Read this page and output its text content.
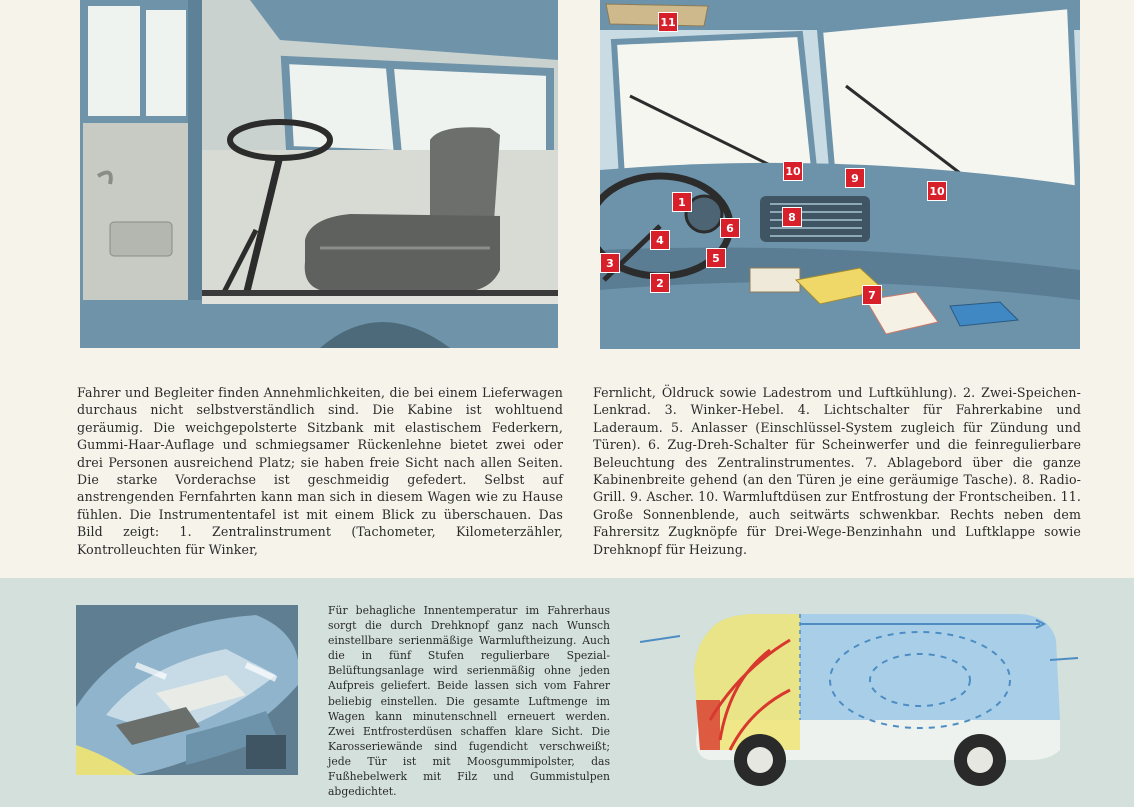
11
1
4
3
2
6
5
8
10
9
10
7
Fahrer und Begleiter finden Annehmlichkeiten, die bei einem Lieferwagen durchaus nicht selbstverständlich sind. Die Kabine ist wohltuend geräumig. Die weichgepolsterte Sitzbank mit elastischem Federkern, Gummi-Haar-Auflage und schmiegsamer Rückenlehne bietet zwei oder drei Personen ausreichend Platz; sie haben freie Sicht nach allen Seiten. Die starke Vorderachse ist geschmeidig gefedert. Selbst auf anstrengenden Fernfahrten kann man sich in diesem Wagen wie zu Hause fühlen. Die Instrumententafel ist mit einem Blick zu überschauen. Das Bild zeigt: 1. Zentralinstrument (Tachometer, Kilometerzähler, Kontrolleuchten für Winker,
Fernlicht, Öldruck sowie Ladestrom und Luftkühlung). 2. Zwei-Speichen-Lenkrad. 3. Winker-Hebel. 4. Lichtschalter für Fahrerkabine und Laderaum. 5. Anlasser (Einschlüssel-System zugleich für Zündung und Türen). 6. Zug-Dreh-Schalter für Scheinwerfer und die feinregulierbare Beleuchtung des Zentralinstrumentes. 7. Ablagebord über die ganze Kabinenbreite gehend (an den Türen je eine geräumige Tasche). 8. Radio-Grill. 9. Ascher. 10. Warmluftdüsen zur Entfrostung der Frontscheiben. 11. Große Sonnenblende, auch seitwärts schwenkbar. Rechts neben dem Fahrersitz Zugknöpfe für Drei-Wege-Benzinhahn und Luftklappe sowie Drehknopf für Heizung.
Für behagliche Innentemperatur im Fahrerhaus sorgt die durch Drehknopf ganz nach Wunsch einstellbare serienmäßige Warmluftheizung. Auch die in fünf Stufen regulierbare Spezial-Belüftungsanlage wird serienmäßig ohne jeden Aufpreis geliefert. Beide lassen sich vom Fahrer beliebig einstellen. Die gesamte Luftmenge im Wagen kann minutenschnell erneuert werden. Zwei Entfrosterdüsen schaffen klare Sicht. Die Karosseriewände sind fugendicht verschweißt; jede Tür ist mit Moosgummipolster, das Fußhebelwerk mit Filz und Gummistulpen abgedichtet.
